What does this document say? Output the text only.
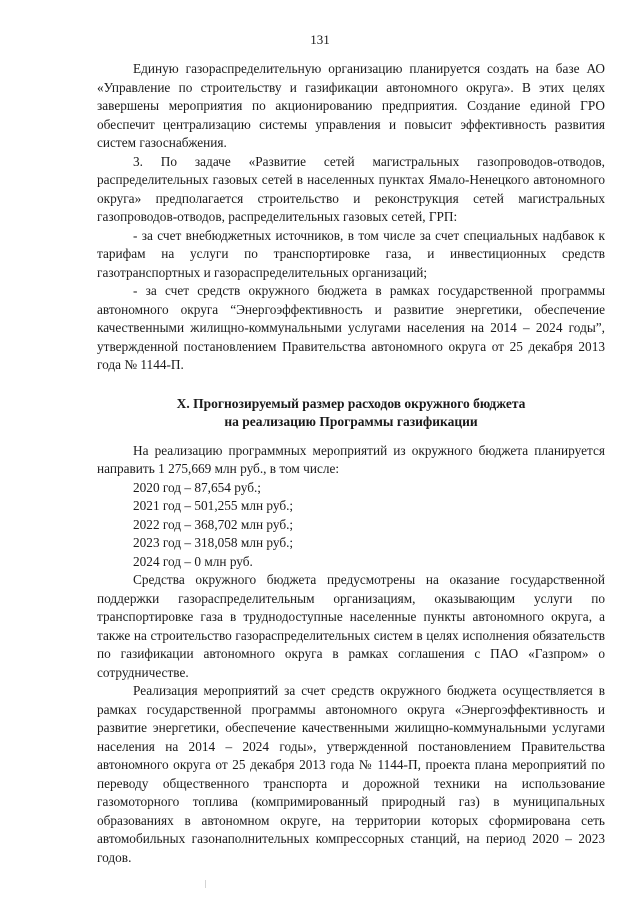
131

Единую газораспределительную организацию планируется создать на базе АО «Управление по строительству и газификации автономного округа». В этих целях завершены мероприятия по акционированию предприятия. Создание единой ГРО обеспечит централизацию системы управления и повысит эффективность развития систем газоснабжения.

3. По задаче «Развитие сетей магистральных газопроводов-отводов, распределительных газовых сетей в населенных пунктах Ямало-Ненецкого автономного округа» предполагается строительство и реконструкция сетей магистральных газопроводов-отводов, распределительных газовых сетей, ГРП:

- за счет внебюджетных источников, в том числе за счет специальных надбавок к тарифам на услуги по транспортировке газа, и инвестиционных средств газотранспортных и газораспределительных организаций;

- за счет средств окружного бюджета в рамках государственной программы автономного округа “Энергоэффективность и развитие энергетики, обеспечение качественными жилищно-коммунальными услугами населения на 2014 – 2024 годы”, утвержденной постановлением Правительства автономного округа от 25 декабря 2013 года № 1144-П.

X. Прогнозируемый размер расходов окружного бюджета
на реализацию Программы газификации

На реализацию программных мероприятий из окружного бюджета планируется направить 1 275,669 млн руб., в том числе:

2020 год – 87,654 руб.;

2021 год – 501,255 млн руб.;

2022 год – 368,702 млн руб.;

2023 год – 318,058 млн руб.;

2024 год – 0 млн руб.

Средства окружного бюджета предусмотрены на оказание государственной поддержки газораспределительным организациям, оказывающим услуги по транспортировке газа в труднодоступные населенные пункты автономного округа, а также на строительство газораспределительных систем в целях исполнения обязательств по газификации автономного округа в рамках соглашения с ПАО «Газпром» о сотрудничестве.

Реализация мероприятий за счет средств окружного бюджета осуществляется в рамках государственной программы автономного округа «Энергоэффективность и развитие энергетики, обеспечение качественными жилищно-коммунальными услугами населения на 2014 – 2024 годы», утвержденной постановлением Правительства автономного округа от 25 декабря 2013 года № 1144-П, проекта плана мероприятий по переводу общественного транспорта и дорожной техники на использование газомоторного топлива (компримированный природный газ) в муниципальных образованиях в автономном округе, на территории которых сформирована сеть автомобильных газонаполнительных компрессорных станций, на период 2020 – 2023 годов.
